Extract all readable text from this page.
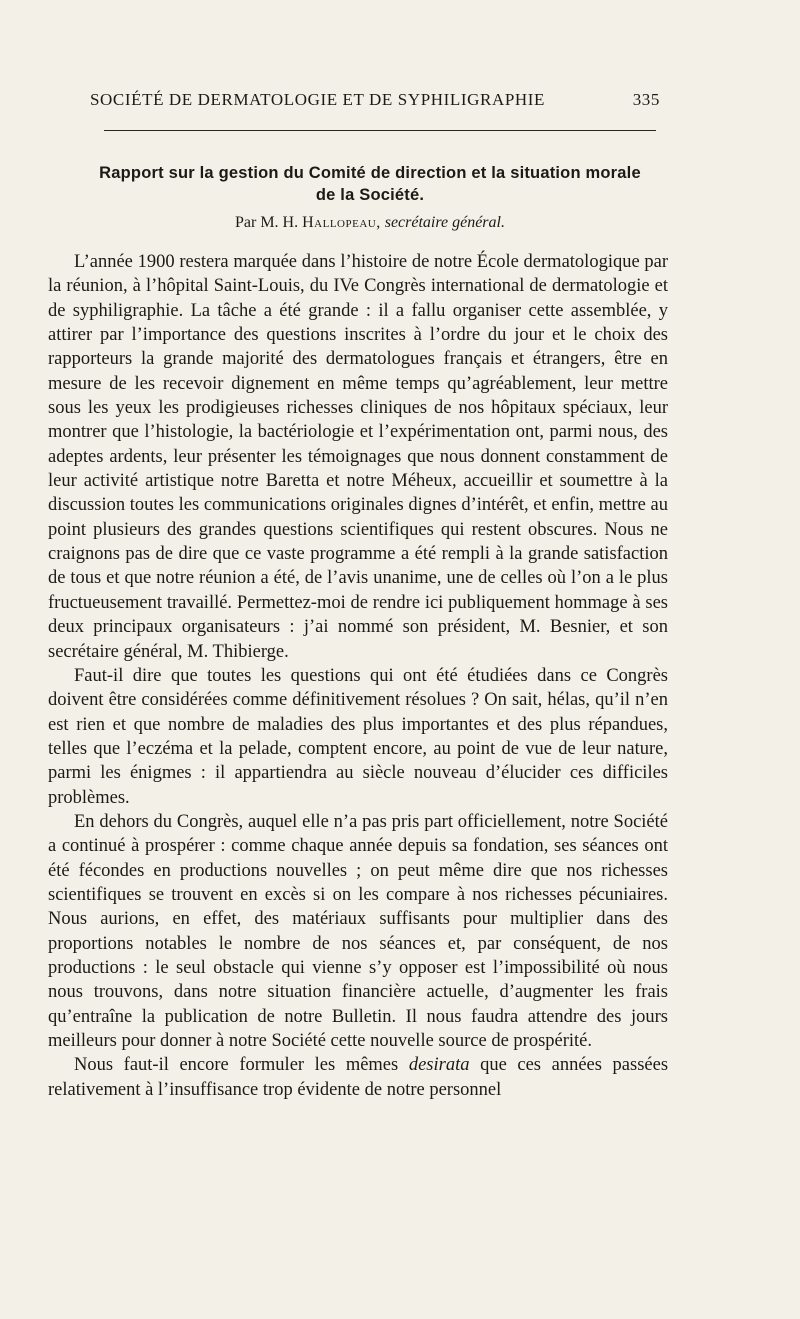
SOCIÉTÉ DE DERMATOLOGIE ET DE SYPHILIGRAPHIE	335
Rapport sur la gestion du Comité de direction et la situation morale
de la Société.
Par M. H. Hallopeau, secrétaire général.

L’année 1900 restera marquée dans l’histoire de notre École dermatologique par la réunion, à l’hôpital Saint-Louis, du IVe Congrès international de dermatologie et de syphiligraphie. La tâche a été grande : il a fallu organiser cette assemblée, y attirer par l’importance des questions inscrites à l’ordre du jour et le choix des rapporteurs la grande majorité des dermatologues français et étrangers, être en mesure de les recevoir dignement en même temps qu’agréablement, leur mettre sous les yeux les prodigieuses richesses cliniques de nos hôpitaux spéciaux, leur montrer que l’histologie, la bactériologie et l’expérimentation ont, parmi nous, des adeptes ardents, leur présenter les témoignages que nous donnent constamment de leur activité artistique notre Baretta et notre Méheux, accueillir et soumettre à la discussion toutes les communications originales dignes d’intérêt, et enfin, mettre au point plusieurs des grandes questions scientifiques qui restent obscures. Nous ne craignons pas de dire que ce vaste programme a été rempli à la grande satisfaction de tous et que notre réunion a été, de l’avis unanime, une de celles où l’on a le plus fructueusement travaillé. Permettez-moi de rendre ici publiquement hommage à ses deux principaux organisateurs : j’ai nommé son président, M. Besnier, et son secrétaire général, M. Thibierge.

Faut-il dire que toutes les questions qui ont été étudiées dans ce Congrès doivent être considérées comme définitivement résolues ? On sait, hélas, qu’il n’en est rien et que nombre de maladies des plus importantes et des plus répandues, telles que l’eczéma et la pelade, comptent encore, au point de vue de leur nature, parmi les énigmes : il appartiendra au siècle nouveau d’élucider ces difficiles problèmes.

En dehors du Congrès, auquel elle n’a pas pris part officiellement, notre Société a continué à prospérer : comme chaque année depuis sa fondation, ses séances ont été fécondes en productions nouvelles ; on peut même dire que nos richesses scientifiques se trouvent en excès si on les compare à nos richesses pécuniaires. Nous aurions, en effet, des matériaux suffisants pour multiplier dans des proportions notables le nombre de nos séances et, par conséquent, de nos productions : le seul obstacle qui vienne s’y opposer est l’impossibilité où nous nous trouvons, dans notre situation financière actuelle, d’augmenter les frais qu’entraîne la publication de notre Bulletin. Il nous faudra attendre des jours meilleurs pour donner à notre Société cette nouvelle source de prospérité.

Nous faut-il encore formuler les mêmes desirata que ces années passées relativement à l’insuffisance trop évidente de notre personnel
